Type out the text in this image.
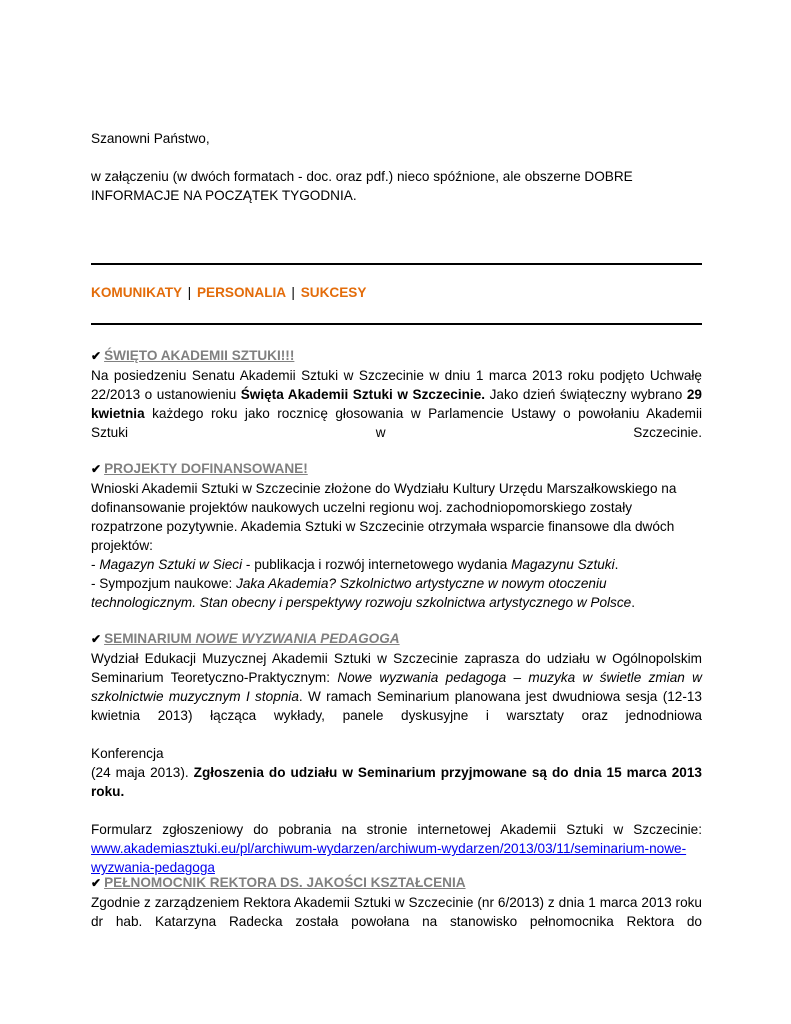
Szanowni Państwo,

w załączeniu (w dwóch formatach - doc. oraz pdf.) nieco spóźnione, ale obszerne DOBRE

INFORMACJE NA POCZĄTEK TYGODNIA.

KOMUNIKATY | PERSONALIA | SUKCESY
✔ ŚWIĘTO AKADEMII SZTUKI!!!

Na posiedzeniu Senatu Akademii Sztuki w Szczecinie w dniu 1 marca 2013 roku podjęto Uchwałę 22/2013 o ustanowieniu Święta Akademii Sztuki w Szczecinie. Jako dzień świąteczny wybrano 29 kwietnia każdego roku jako rocznicę głosowania w Parlamencie Ustawy o powołaniu Akademii Sztuki w Szczecinie.

✔ PROJEKTY DOFINANSOWANE!

Wnioski Akademii Sztuki w Szczecinie złożone do Wydziału Kultury Urzędu Marszałkowskiego na

dofinansowanie projektów naukowych uczelni regionu woj. zachodniopomorskiego zostały

rozpatrzone pozytywnie. Akademia Sztuki w Szczecinie otrzymała wsparcie finansowe dla dwóch

projektów:

- Magazyn Sztuki w Sieci - publikacja i rozwój internetowego wydania Magazynu Sztuki.

- Sympozjum naukowe: Jaka Akademia? Szkolnictwo artystyczne w nowym otoczeniu
technologicznym. Stan obecny i perspektywy rozwoju szkolnictwa artystycznego w Polsce.

✔ SEMINARIUM NOWE WYZWANIA PEDAGOGA

Wydział Edukacji Muzycznej Akademii Sztuki w Szczecinie zaprasza do udziału w Ogólnopolskim Seminarium Teoretyczno-Praktycznym: Nowe wyzwania pedagoga – muzyka w świetle zmian w szkolnictwie muzycznym I stopnia. W ramach Seminarium planowana jest dwudniowa sesja (12-13 kwietnia 2013) łącząca wykłady, panele dyskusyjne i warsztaty oraz jednodniowa

Konferencja

(24 maja 2013). Zgłoszenia do udziału w Seminarium przyjmowane są do dnia 15 marca 2013 roku.

Formularz zgłoszeniowy do pobrania na stronie internetowej Akademii Sztuki w Szczecinie: www.akademiasztuki.eu/pl/archiwum-wydarzen/archiwum-wydarzen/2013/03/11/seminarium-nowe-wyzwania-pedagoga

✔ PEŁNOMOCNIK REKTORA DS. JAKOŚCI KSZTAŁCENIA

Zgodnie z zarządzeniem Rektora Akademii Sztuki w Szczecinie (nr 6/2013) z dnia 1 marca 2013 roku dr hab. Katarzyna Radecka została powołana na stanowisko pełnomocnika Rektora do
